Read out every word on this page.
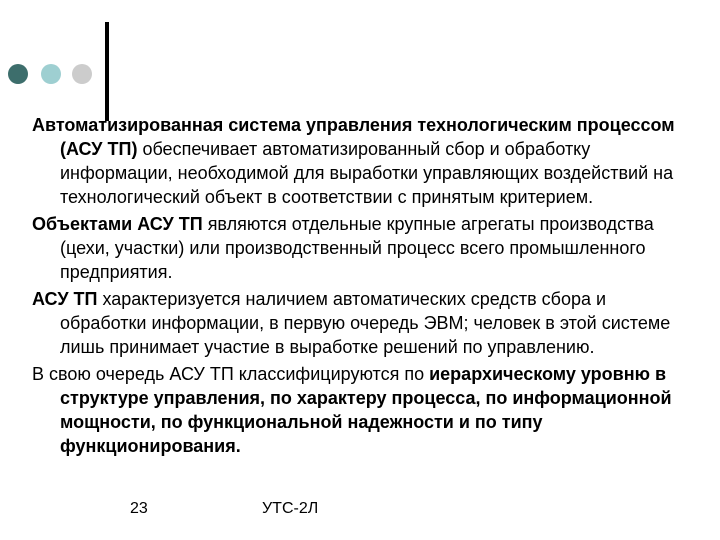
Автоматизированная система управления технологическим процессом (АСУ ТП) обеспечивает автоматизированный сбор и обработку информации, необходимой для выработки управляющих воздействий на технологический объект в соответствии с принятым критерием.

Объектами АСУ ТП являются отдельные крупные агрегаты производства (цехи, участки) или производственный процесс всего промышленного предприятия.

АСУ ТП характеризуется наличием автоматических средств сбора и обработки информации, в первую очередь ЭВМ; человек в этой системе лишь принимает участие в выработке решений по управлению.

В свою очередь АСУ ТП классифицируются по иерархическому уровню в структуре управления, по характеру процесса, по информационной мощности, по функциональной надежности и по типу функционирования.

23	УТС-2Л
